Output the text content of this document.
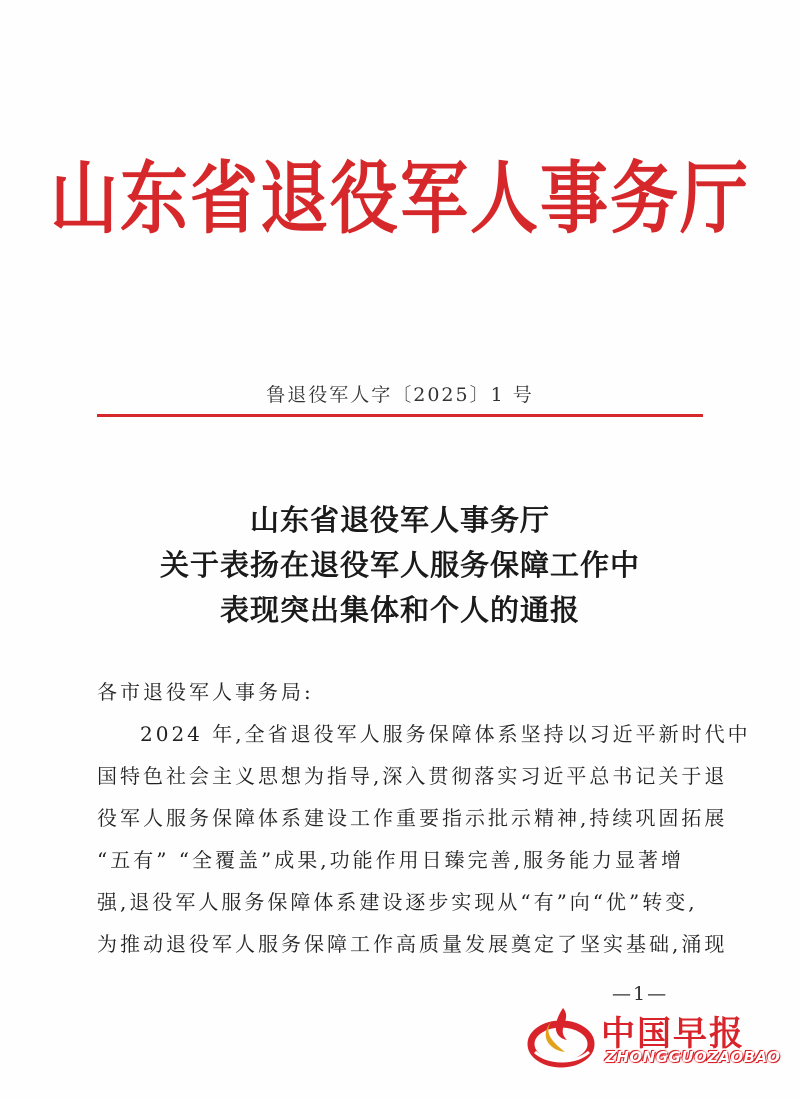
山东省退役军人事务厅
鲁退役军人字〔2025〕1 号
山东省退役军人事务厅
关于表扬在退役军人服务保障工作中
表现突出集体和个人的通报
各市退役军人事务局:
2024 年,全省退役军人服务保障体系坚持以习近平新时代中
国特色社会主义思想为指导,深入贯彻落实习近平总书记关于退
役军人服务保障体系建设工作重要指示批示精神,持续巩固拓展
“五有” “全覆盖”成果,功能作用日臻完善,服务能力显著增
强,退役军人服务保障体系建设逐步实现从“有”向“优”转变,
为推动退役军人服务保障工作高质量发展奠定了坚实基础,涌现
—1—
中国早报
ZHONGGUOZAOBAO
